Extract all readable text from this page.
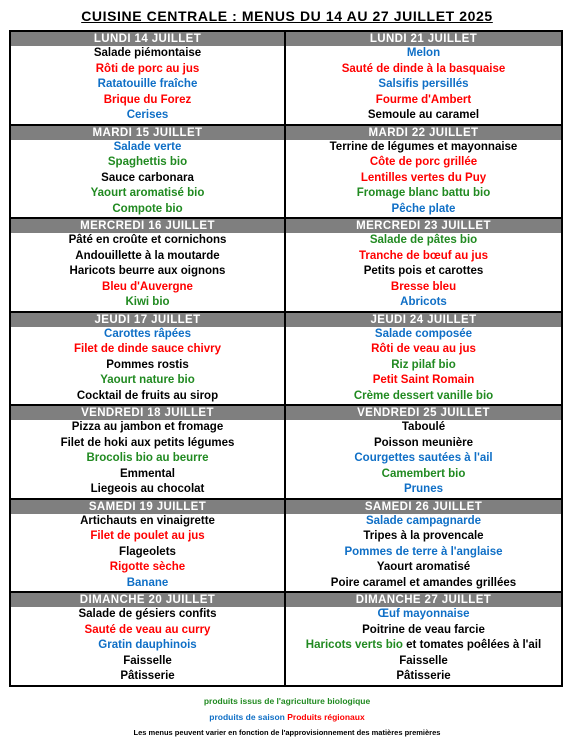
CUISINE CENTRALE : MENUS DU 14 AU 27 JUILLET 2025
LUNDI 14 JUILLET
Salade piémontaise
Rôti de porc au jus
Ratatouille fraîche
Brique du Forez
Cerises
MARDI 15 JUILLET
Salade verte
Spaghettis bio
Sauce carbonara
Yaourt aromatisé bio
Compote bio
MERCREDI 16 JUILLET
Pâté en croûte et cornichons
Andouillette à la moutarde
Haricots beurre aux oignons
Bleu d'Auvergne
Kiwi bio
JEUDI 17 JUILLET
Carottes râpées
Filet de dinde sauce chivry
Pommes rostis
Yaourt nature bio
Cocktail de fruits au sirop
VENDREDI 18 JUILLET
Pizza au jambon et fromage
Filet de hoki aux petits légumes
Brocolis bio au beurre
Emmental
Liegeois au chocolat
SAMEDI 19 JUILLET
Artichauts en vinaigrette
Filet de poulet au jus
Flageolets
Rigotte sèche
Banane
DIMANCHE 20 JUILLET
Salade de gésiers confits
Sauté de veau au curry
Gratin dauphinois
Faisselle
Pâtisserie
LUNDI 21 JUILLET
Melon
Sauté de dinde à la basquaise
Salsifis persillés
Fourme d'Ambert
Semoule au caramel
MARDI 22 JUILLET
Terrine de légumes et mayonnaise
Côte de porc grillée
Lentilles vertes du Puy
Fromage blanc battu bio
Pêche plate
MERCREDI 23 JUILLET
Salade de pâtes bio
Tranche de bœuf au jus
Petits pois et carottes
Bresse bleu
Abricots
JEUDI 24 JUILLET
Salade composée
Rôti de veau au jus
Riz pilaf bio
Petit Saint Romain
Crème dessert vanille bio
VENDREDI 25 JUILLET
Taboulé
Poisson meunière
Courgettes sautées à l'ail
Camembert bio
Prunes
SAMEDI 26 JUILLET
Salade campagnarde
Tripes à la provencale
Pommes de terre à l'anglaise
Yaourt aromatisé
Poire caramel et amandes grillées
DIMANCHE 27 JUILLET
Œuf mayonnaise
Poitrine de veau farcie
Haricots verts bio et tomates poêlées à l'ail
Faisselle
Pâtisserie
produits issus de l'agriculture biologique
produits de saison Produits régionaux
Les menus peuvent varier en fonction de l'approvisionnement des matières premières
